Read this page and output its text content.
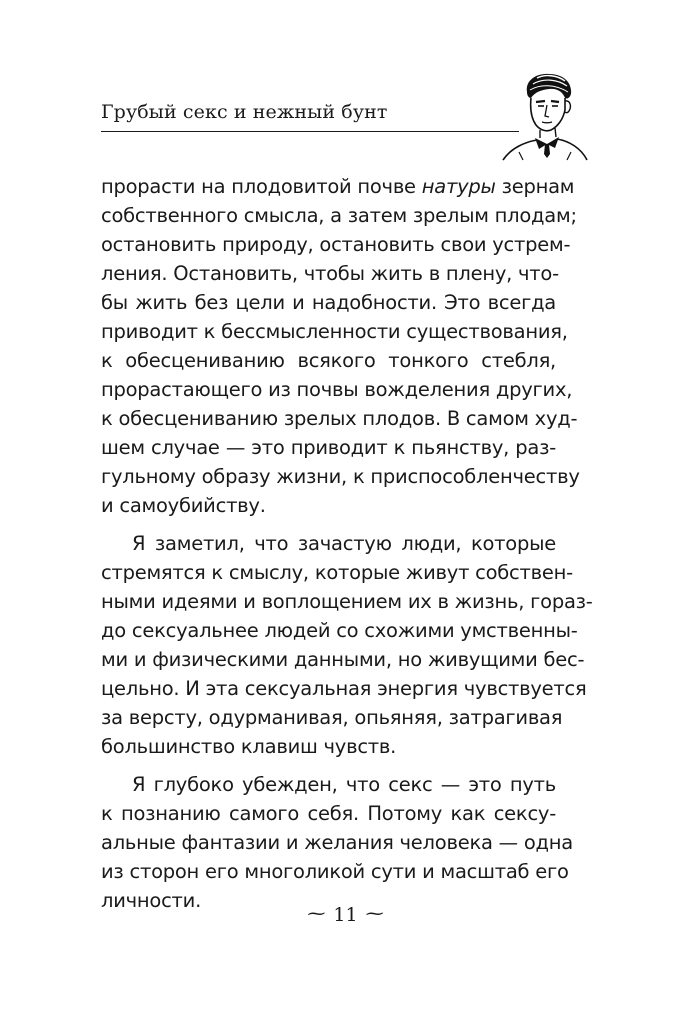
Грубый секс и нежный бунт

прорасти на плодовитой почве натуры зернам
собственного смысла, а затем зрелым плодам;
остановить природу, остановить свои устрем-
ления. Остановить, чтобы жить в плену, что-
бы жить без цели и надобности. Это всегда
приводит к бессмысленности существования,
к обесцениванию всякого тонкого стебля,
прорастающего из почвы вожделения других,
к обесцениванию зрелых плодов. В самом худ-
шем случае — это приводит к пьянству, раз-
гульному образу жизни, к приспособленчеству
и самоубийству.

Я заметил, что зачастую люди, которые
стремятся к смыслу, которые живут собствен-
ными идеями и воплощением их в жизнь, гораз-
до сексуальнее людей со схожими умственны-
ми и физическими данными, но живущими бес-
цельно. И эта сексуальная энергия чувствуется
за версту, одурманивая, опьяняя, затрагивая
большинство клавиш чувств.

Я глубоко убежден, что секс — это путь
к познанию самого себя. Потому как сексу-
альные фантазии и желания человека — одна
из сторон его многоликой сути и масштаб его
личности.

⁓ 11 ⁓
